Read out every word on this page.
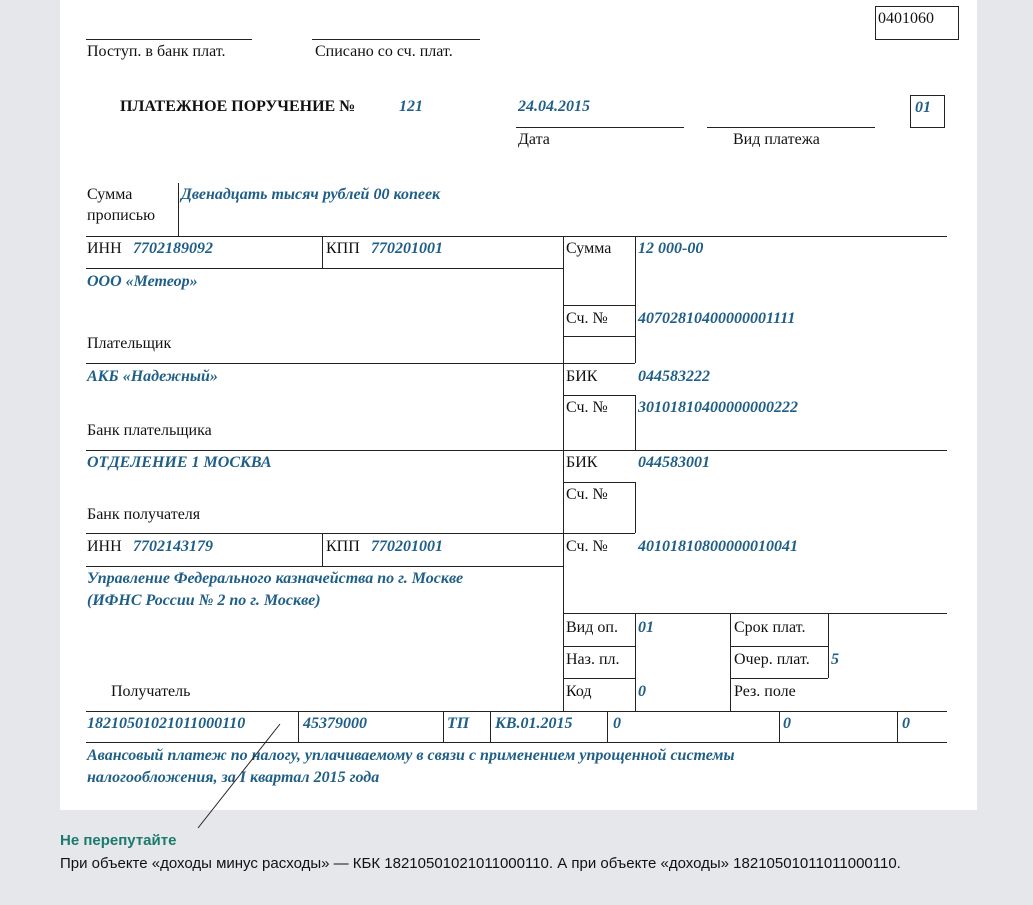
0401060
Поступ. в банк плат.	Списано со сч. плат.
ПЛАТЕЖНОЕ ПОРУЧЕНИЕ №	121	24.04.2015
Дата	Вид платежа
01
Сумма
прописью
Двенадцать тысяч рублей 00 копеек
ИНН 7702189092	КПП 770201001	Сумма 12 000-00
ООО «Метеор»
Сч. № 40702810400000001111
Плательщик
АКБ «Надежный»	БИК	044583222
Сч. № 30101810400000000222
Банк плательщика
ОТДЕЛЕНИЕ 1 МОСКВА	БИК	044583001
Сч. №
Банк получателя
ИНН 7702143179	КПП 770201001	Сч. № 40101810800000010041
Управление Федерального казначейства по г. Москве
(ИФНС России № 2 по г. Москве)
Вид оп. 01	Срок плат.
Наз. пл.	Очер. плат. 5
Получатель	Код	0	Рез. поле
18210501021011000110	45379000	ТП КВ.01.2015	0	0	0
Авансовый платеж по налогу, уплачиваемому в связи с применением упрощенной системы
налогообложения, за I квартал 2015 года
Не перепутайте
При объекте «доходы минус расходы» — КБК 18210501021011000110. А при объекте «доходы» 18210501011011000110.
